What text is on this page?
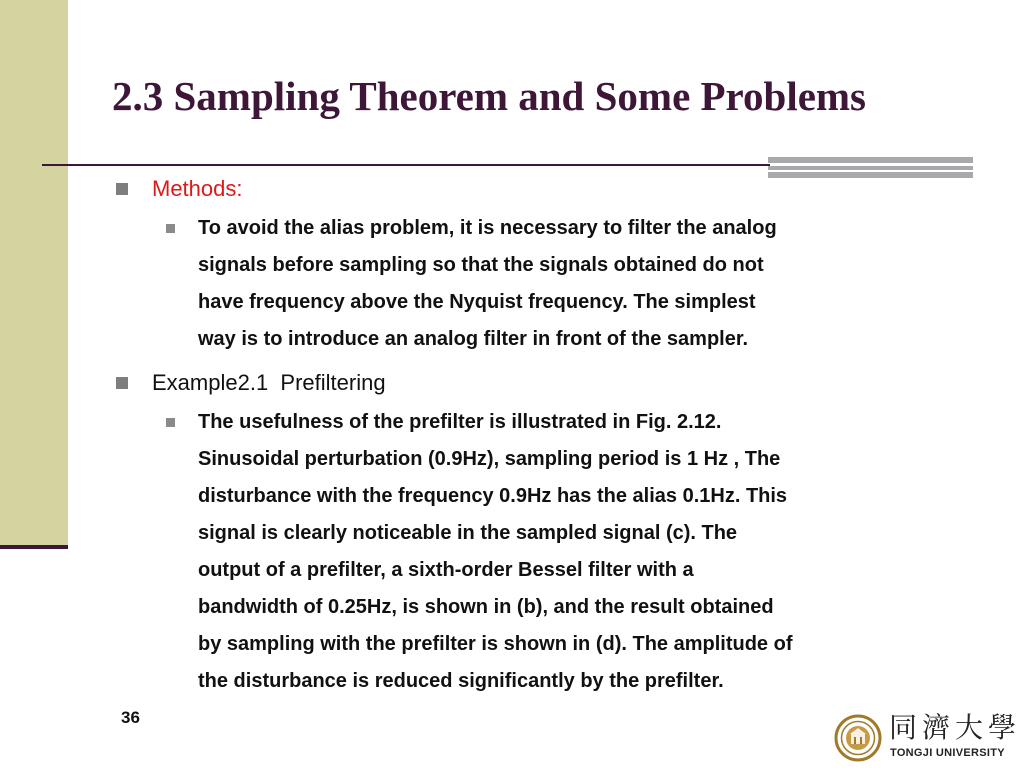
2.3 Sampling Theorem and Some Problems

Methods:

To avoid the alias problem, it is necessary to filter the analog
signals before sampling so that the signals obtained do not
have frequency above the Nyquist frequency. The simplest
way is to introduce an analog filter in front of the sampler.

Example2.1  Prefiltering

The usefulness of the prefilter is illustrated in Fig. 2.12.
Sinusoidal perturbation (0.9Hz), sampling period is 1 Hz , The
disturbance with the frequency 0.9Hz has the alias 0.1Hz. This
signal is clearly noticeable in the sampled signal (c). The
output of a prefilter, a sixth-order Bessel filter with a
bandwidth of 0.25Hz, is shown in (b), and the result obtained
by sampling with the prefilter is shown in (d). The amplitude of
the disturbance is reduced significantly by the prefilter.

36	同濟大學
TONGJI UNIVERSITY
